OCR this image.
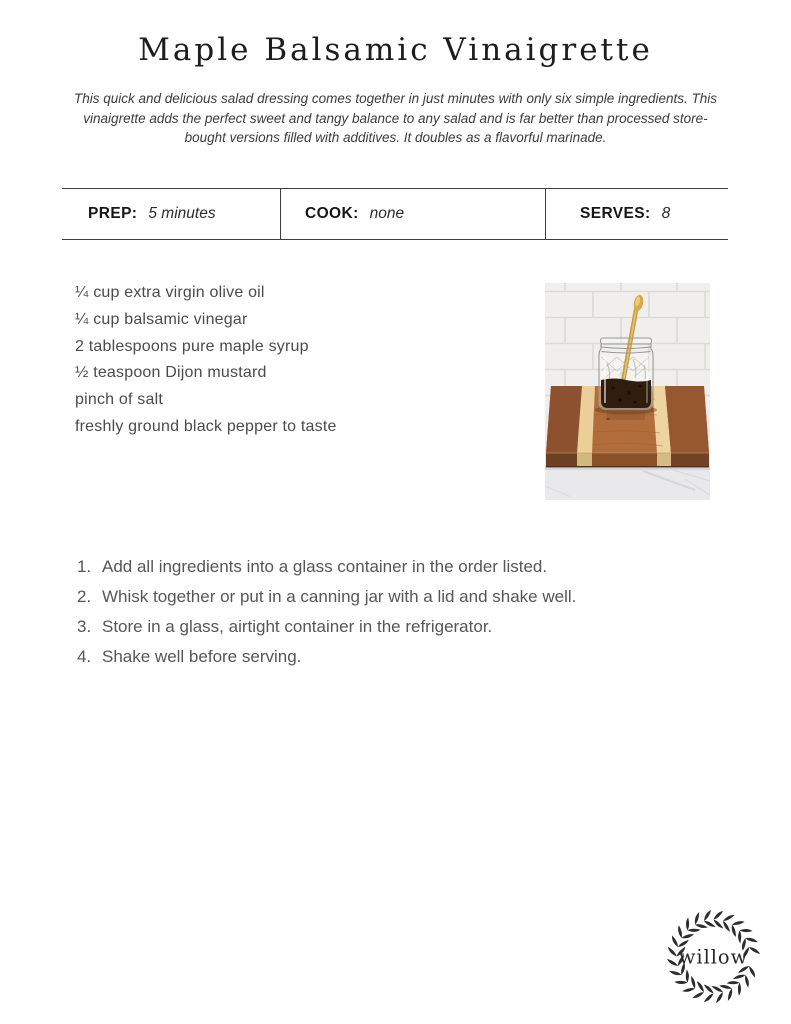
Maple Balsamic Vinaigrette

This quick and delicious salad dressing comes together in just minutes with only six simple ingredients. This vinaigrette adds the perfect sweet and tangy balance to any salad and is far better than processed store-bought versions filled with additives. It doubles as a flavorful marinade.

PREP: 5 minutes	COOK: none	SERVES: 8
¼ cup extra virgin olive oil
¼ cup balsamic vinegar
2 tablespoons pure maple syrup
½ teaspoon Dijon mustard
pinch of salt
freshly ground black pepper to taste
Add all ingredients into a glass container in the order listed.
Whisk together or put in a canning jar with a lid and shake well.
Store in a glass, airtight container in the refrigerator.
Shake well before serving.
willow
